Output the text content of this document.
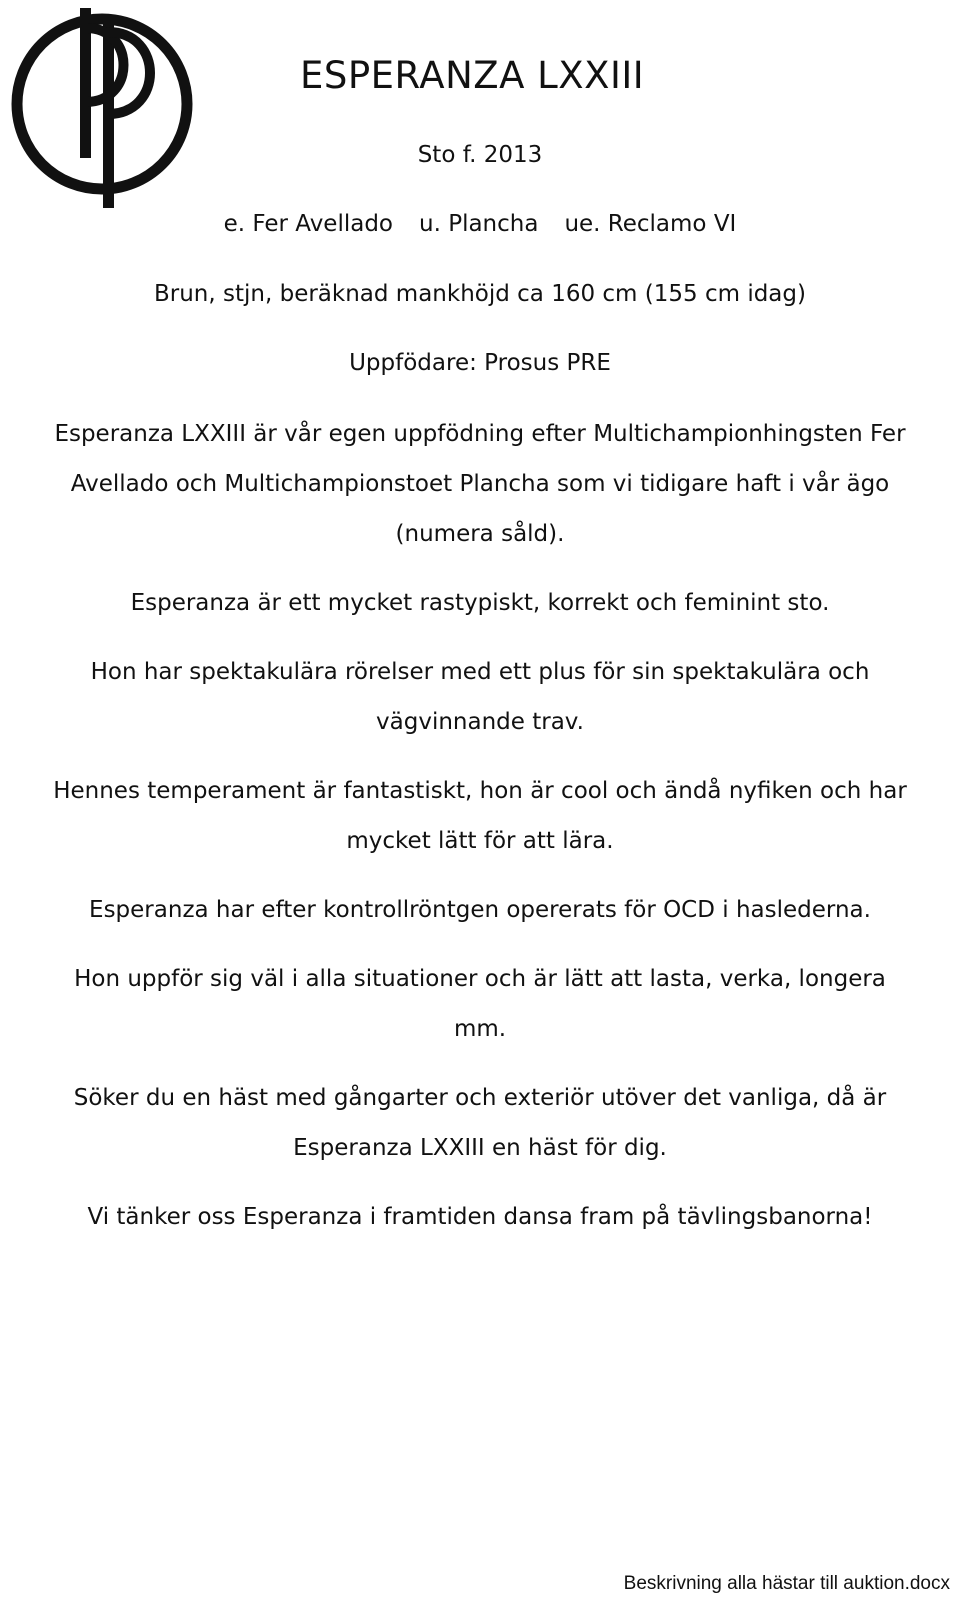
ESPERANZA LXXIII
Sto f. 2013
e. Fer Avellado u. Plancha ue. Reclamo VI
Brun, stjn, beräknad mankhöjd ca 160 cm (155 cm idag)
Uppfödare: Prosus PRE

Esperanza LXXIII är vår egen uppfödning efter Multichampionhingsten Fer
Avellado och Multichampionstoet Plancha som vi tidigare haft i vår ägo
(numera såld).

Esperanza är ett mycket rastypiskt, korrekt och feminint sto.

Hon har spektakulära rörelser med ett plus för sin spektakulära och
vägvinnande trav.

Hennes temperament är fantastiskt, hon är cool och ändå nyfiken och har
mycket lätt för att lära.

Esperanza har efter kontrollröntgen opererats för OCD i haslederna.

Hon uppför sig väl i alla situationer och är lätt att lasta, verka, longera
mm.

Söker du en häst med gångarter och exteriör utöver det vanliga, då är
Esperanza LXXIII en häst för dig.

Vi tänker oss Esperanza i framtiden dansa fram på tävlingsbanorna!

Beskrivning alla hästar till auktion.docx
